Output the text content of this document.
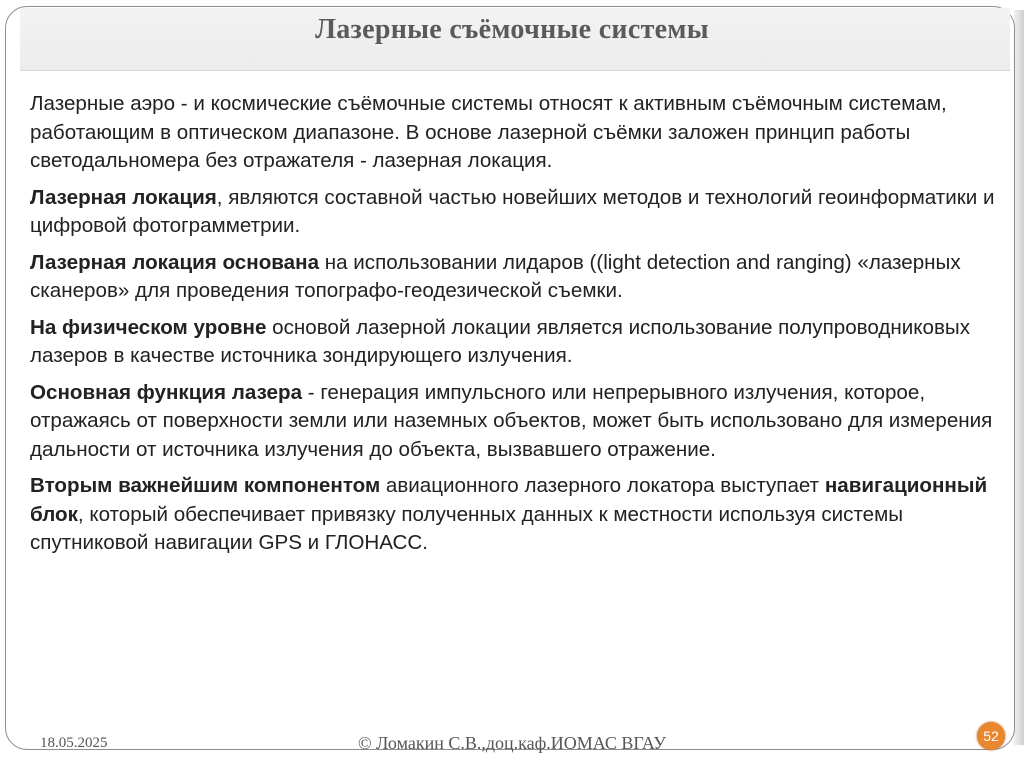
Лазерные съёмочные системы

Лазерные аэро - и космические съёмочные системы относят к активным съёмочным системам, работающим в оптическом диапазоне. В основе лазерной съёмки заложен принцип работы светодальномера без отражателя - лазерная локация.

Лазерная локация, являются составной частью новейших методов и технологий геоинформатики и цифровой фотограмметрии.

Лазерная локация основана на использовании лидаров ((light detection and ranging) «лазерных сканеров» для проведения топографо-геодезической съемки.

На физическом уровне основой лазерной локации является использование полупроводниковых лазеров в качестве источника зондирующего излучения.

Основная функция лазера - генерация импульсного или непрерывного излучения, которое, отражаясь от поверхности земли или наземных объектов, может быть использовано для измерения дальности от источника излучения до объекта, вызвавшего отражение.

Вторым важнейшим компонентом авиационного лазерного локатора выступает навигационный блок, который обеспечивает привязку полученных данных к местности используя системы спутниковой навигации GPS и ГЛОНАСС.

18.05.2025	© Ломакин С.В.,доц.каф.ИОМАС ВГАУ	52
